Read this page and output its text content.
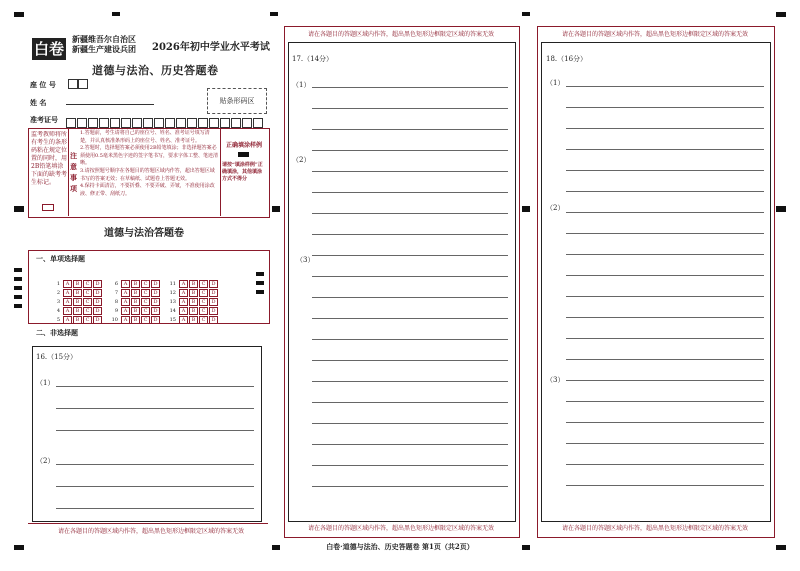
白卷
新疆维吾尔自治区
新疆生产建设兵团 2026年初中学业水平考试
道德与法治、历史答题卷
座 位 号
姓 名	贴条形码区
准考证号
监考教师将所有考生的条形码粘在规定位置的同时，用2B铅笔填涂下面的缺考考生标记。
注意事项
1.答题前，考生请将自己的座位号、姓名、准考证号填写清楚，并认真核准条形码上的座位号、姓名、准考证号。
2.答题时，选择题答案必须使用2B铅笔填涂；非选择题答案必须使用0.5毫米黑色字迹的签字笔书写，要求字体工整、笔迹清晰。
3.请按照题号顺序在各题目的答题区域内作答，超出答题区域书写的答案无效；在草稿纸、试题卷上答题无效。
4.保持卡面清洁，不要折叠、不要弄破、弄皱，不准使用涂改液、修正带、刮纸刀。
正确填涂样例
请按“填涂样例”正确填涂，其他填涂方式不得分
道德与法治答题卷
一、单项选择题
1 A B C D
2 A B C D
3 A B C D
4 A B C D
5 A B C D
6 A B C D
7 A B C D
8 A B C D
9 A B C D
10 A B C D
11 A B C D
12 A B C D
13 A B C D
14 A B C D
15 A B C D
二、非选择题
16.（15分）
（1）
（2）
请在各题目的答题区域内作答，超出黑色矩形边框限定区域的答案无效
请在各题目的答题区域内作答，超出黑色矩形边框限定区域的答案无效
17.（14分）
（1）
（2）
（3）
请在各题目的答题区域内作答，超出黑色矩形边框限定区域的答案无效
请在各题目的答题区域内作答，超出黑色矩形边框限定区域的答案无效
18.（16分）
（1）
（2）
（3）
请在各题目的答题区域内作答，超出黑色矩形边框限定区域的答案无效
白卷·道德与法治、历史答题卷 第1页（共2页）
